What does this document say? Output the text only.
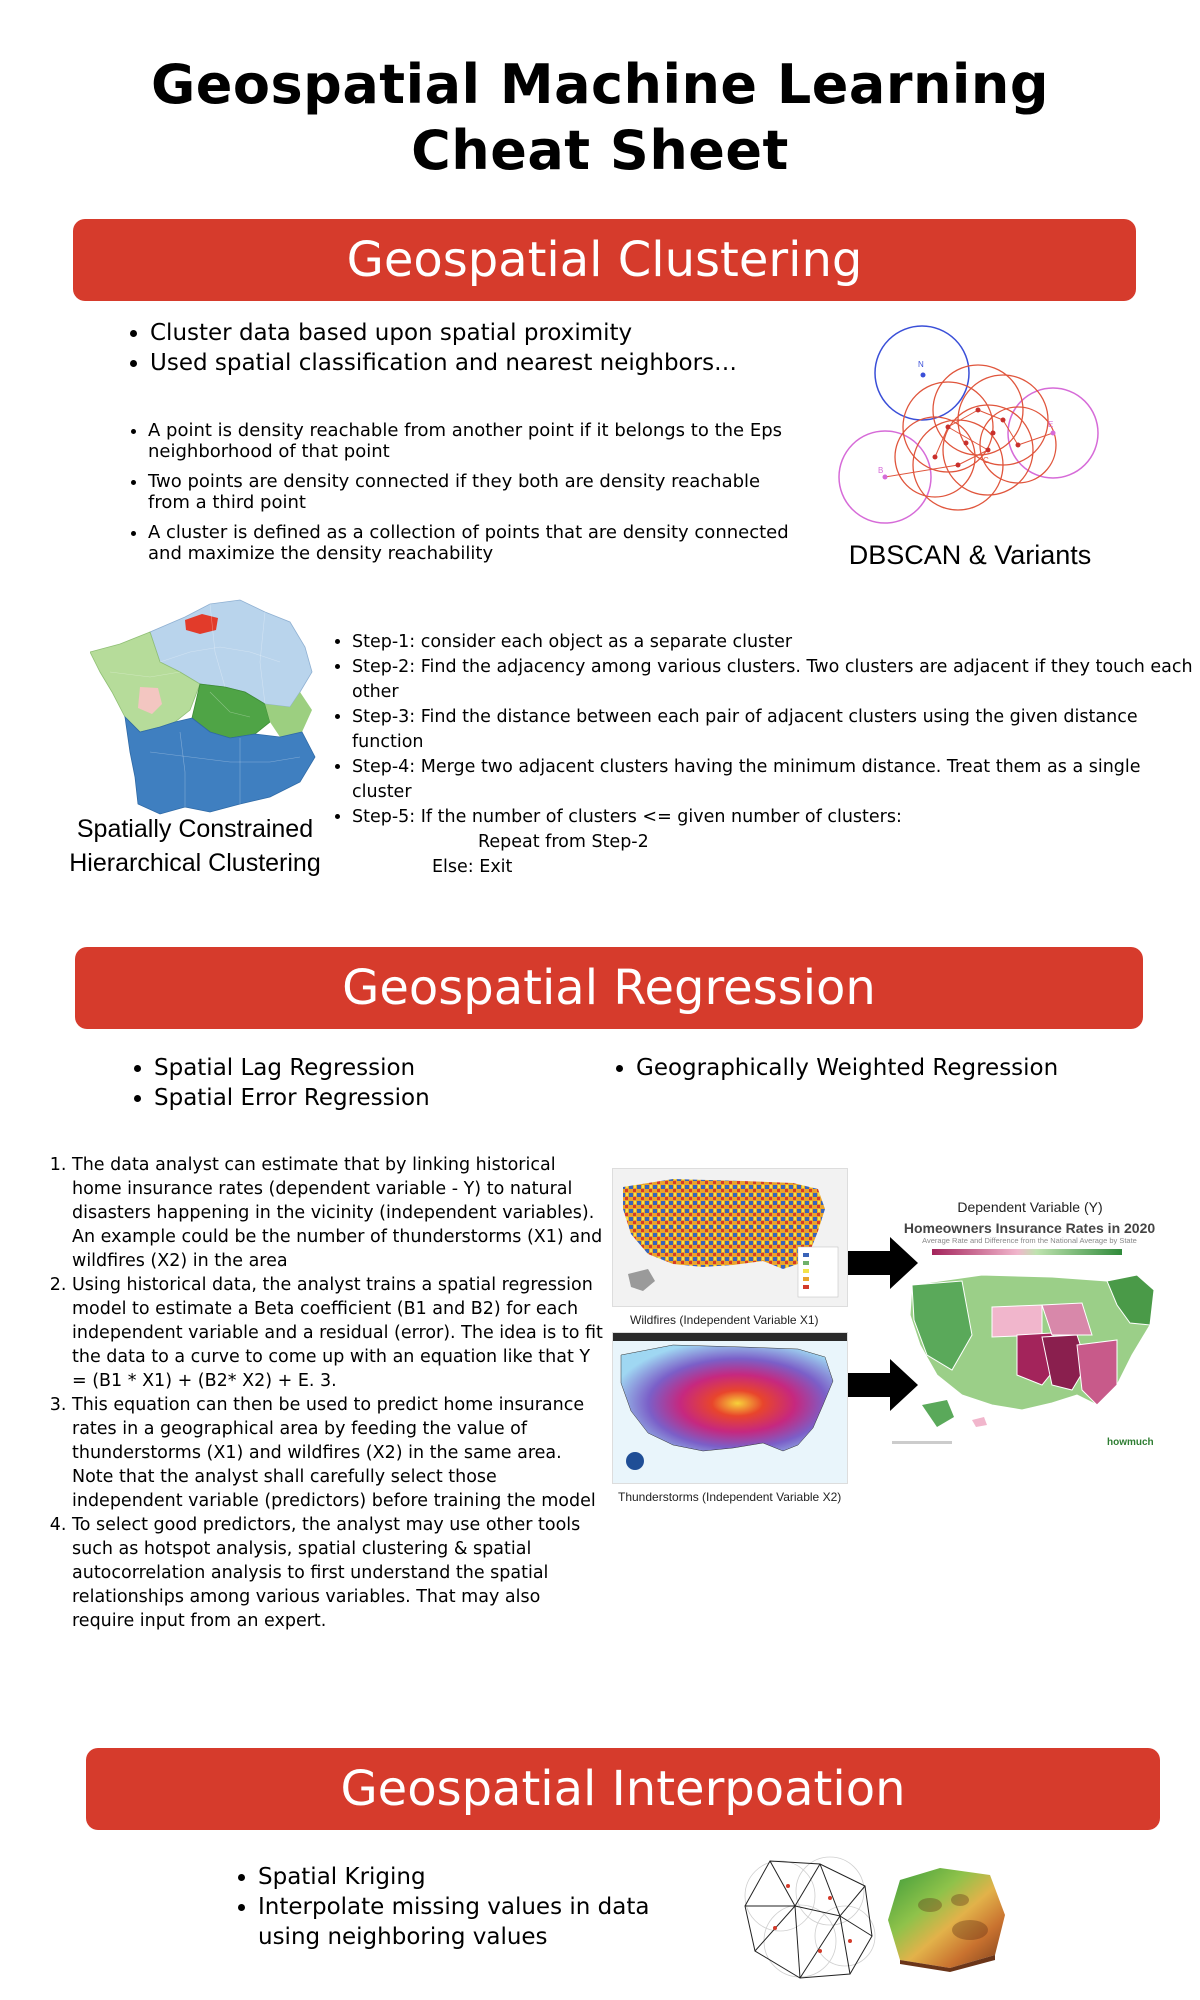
Geospatial Machine Learning
Cheat Sheet
Geospatial Clustering
• Cluster data based upon spatial proximity
• Used spatial classification and nearest neighbors…
• A point is density reachable from another point if it belongs to the Eps neighborhood of that point
• Two points are density connected if they both are density reachable from a third point
• A cluster is defined as a collection of points that are density connected and maximize the density reachability
N
E
B
C
DBSCAN & Variants
Spatially Constrained
Hierarchical Clustering
• Step-1: consider each object as a separate cluster
• Step-2: Find the adjacency among various clusters. Two clusters are adjacent if they touch each other
• Step-3: Find the distance between each pair of adjacent clusters using the given distance function
• Step-4: Merge two adjacent clusters having the minimum distance. Treat them as a single cluster
• Step-5: If the number of clusters <= given number of clusters:
Repeat from Step-2
Else: Exit
Geospatial Regression
• Spatial Lag Regression
• Spatial Error Regression
• Geographically Weighted Regression
1. The data analyst can estimate that by linking historical home insurance rates (dependent variable - Y) to natural disasters happening in the vicinity (independent variables). An example could be the number of thunderstorms (X1) and wildfires (X2) in the area
2. Using historical data, the analyst trains a spatial regression model to estimate a Beta coefficient (B1 and B2) for each independent variable and a residual (error). The idea is to fit the data to a curve to come up with an equation like that Y = (B1 * X1) + (B2* X2) + E. 3.
3. This equation can then be used to predict home insurance rates in a geographical area by feeding the value of thunderstorms (X1) and wildfires (X2) in the same area. Note that the analyst shall carefully select those independent variable (predictors) before training the model
4. To select good predictors, the analyst may use other tools such as hotspot analysis, spatial clustering & spatial autocorrelation analysis to first understand the spatial relationships among various variables. That may also require input from an expert.
Wildfires (Independent Variable X1)
Thunderstorms (Independent Variable X2)
Dependent Variable (Y)
Homeowners Insurance Rates in 2020
Average Rate and Difference from the National Average by State
howmuch
Geospatial Interpoation
• Spatial Kriging
• Interpolate missing values in data using neighboring values
